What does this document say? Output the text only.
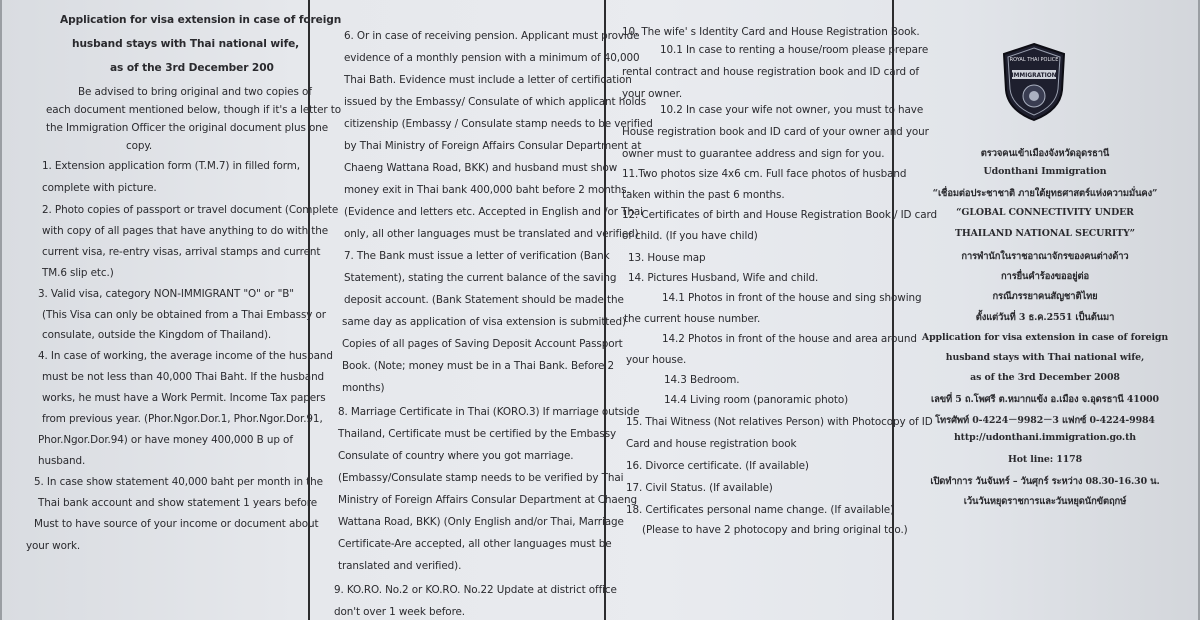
Application for visa extension in case of foreign
husband stays with Thai national wife,
as of the 3rd December 200
Be advised to bring original and two copies of
each document mentioned below, though if it's a letter to
the Immigration Officer the original document plus one
copy.
1. Extension application form (T.M.7) in filled form,
complete with picture.
2. Photo copies of passport or travel document (Complete
with copy of all pages that have anything to do with the
current visa, re-entry visas, arrival stamps and current
TM.6 slip etc.)
3. Valid visa, category NON-IMMIGRANT "O" or "B"
(This Visa can only be obtained from a Thai Embassy or
consulate, outside the Kingdom of Thailand).
4. In case of working, the average income of the husband
must be not less than 40,000 Thai Baht. If the husband
works, he must have a Work Permit. Income Tax papers
from previous year. (Phor.Ngor.Dor.1, Phor.Ngor.Dor.91,
Phor.Ngor.Dor.94) or have money 400,000 B up of
husband.
5. In case show statement 40,000 baht per month in the
Thai bank account and show statement 1 years before
Must to have source of your income or document about
your work.
6. Or in case of receiving pension. Applicant must provide
evidence of a monthly pension with a minimum of 40,000
Thai Bath. Evidence must include a letter of certification
issued by the Embassy/ Consulate of which applicant holds
citizenship (Embassy / Consulate stamp needs to be verified
by Thai Ministry of Foreign Affairs Consular Department at
Chaeng Wattana Road, BKK) and husband must show
money exit in Thai bank 400,000 baht before 2 months.
(Evidence and letters etc. Accepted in English and /or Thai
only, all other languages must be translated and verified)
7. The Bank must issue a letter of verification (Bank
Statement), stating the current balance of the saving
deposit account. (Bank Statement should be made the
same day as application of visa extension is submitted)
Copies of all pages of Saving Deposit Account Passport
Book. (Note; money must be in a Thai Bank. Before 2
months)
8. Marriage Certificate in Thai (KORO.3) If marriage outside
Thailand, Certificate must be certified by the Embassy
Consulate of country where you got marriage.
(Embassy/Consulate stamp needs to be verified by Thai
Ministry of Foreign Affairs Consular Department at Chaeng
Wattana Road, BKK) (Only English and/or Thai, Marriage
Certificate-Are accepted, all other languages must be
translated and verified).
9. KO.RO. No.2 or KO.RO. No.22 Update at district office
don't over 1 week before.
10. The wife' s Identity Card and House Registration Book.
10.1 In case to renting a house/room please prepare
rental contract and house registration book and ID card of
your owner.
10.2 In case your wife not owner, you must to have
House registration book and ID card of your owner and your
owner must to guarantee address and sign for you.
11.Two photos size 4x6 cm. Full face photos of husband
taken within the past 6 months.
12. Certificates of birth and House Registration Book / ID card
of child. (If you have child)
13. House map
14. Pictures Husband, Wife and child.
14.1 Photos in front of the house and sing showing
the current house number.
14.2 Photos in front of the house and area around
your house.
14.3 Bedroom.
14.4 Living room (panoramic photo)
15. Thai Witness (Not relatives Person) with Photocopy of ID
Card and house registration book
16. Divorce certificate. (If available)
17. Civil Status. (If available)
18. Certificates personal name change. (If available)
(Please to have 2 photocopy and bring original too.)
ROYAL THAI POLICE
IMMIGRATION
ตรวจคนเข้าเมืองจังหวัดอุดรธานี
Udonthani Immigration
“เชื่อมต่อประชาชาติ ภายใต้ยุทธศาสตร์แห่งความมั่นคง”
“GLOBAL CONNECTIVITY UNDER
THAILAND NATIONAL SECURITY”
การพำนักในราชอาณาจักรของคนต่างด้าว
การยื่นคำร้องขออยู่ต่อ
กรณีภรรยาคนสัญชาติไทย
ตั้งแต่วันที่ 3 ธ.ค.2551 เป็นต้นมา
Application for visa extension in case of foreign
husband stays with Thai national wife,
as of the 3rd December 2008
เลขที่ 5 ถ.โพศรี ต.หมากแข้ง อ.เมือง จ.อุดรธานี 41000
โทรศัพท์ 0-4224－9982－3 แฟกซ์ 0-4224-9984
http://udonthani.immigration.go.th
Hot line: 1178
เปิดทำการ วันจันทร์ – วันศุกร์ ระหว่าง 08.30-16.30 น.
เว้นวันหยุดราชการและวันหยุดนักขัตฤกษ์
